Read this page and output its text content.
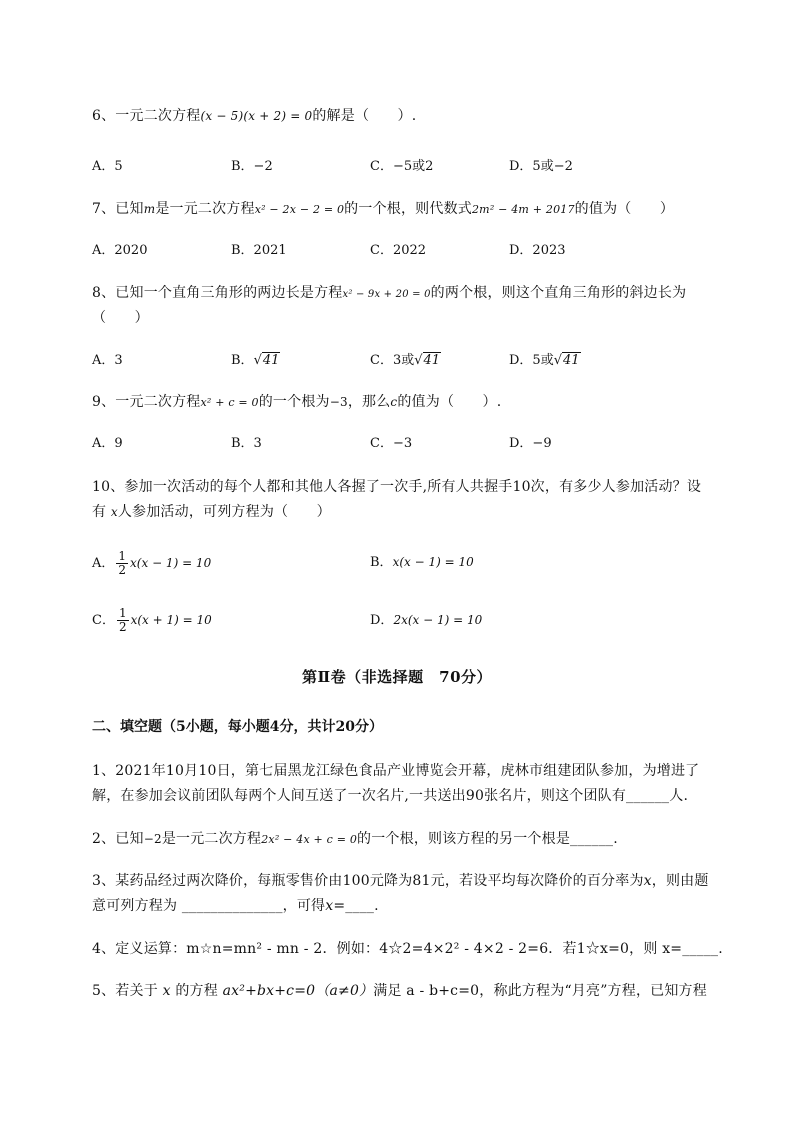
6、一元二次方程(x − 5)(x + 2) = 0的解是（　　）.
A．5	B．−2	C．−5或2	D．5或−2
7、已知m是一元二次方程x² − 2x − 2 = 0的一个根，则代数式2m² − 4m + 2017的值为（　　）
A．2020	B．2021	C．2022	D．2023
8、已知一个直角三角形的两边长是方程x² − 9x + 20 = 0的两个根，则这个直角三角形的斜边长为
（　　）
A．3	B．√41	C．3或√41	D．5或√41
9、一元二次方程x² + c = 0的一个根为−3，那么c的值为（　　）.
A．9	B．3	C．−3	D．−9
10、参加一次活动的每个人都和其他人各握了一次手,所有人共握手10次，有多少人参加活动？设
有 x人参加活动，可列方程为（　　）
A． $\frac{1}{2} x(x - 1) = 10$	B．x(x − 1) = 10
C． $\frac{1}{2} x(x + 1) = 10$	D．2x(x − 1) = 10
第Ⅱ卷（非选择题　70分）
二、填空题（5小题，每小题4分，共计20分）
1、2021年10月10日，第七届黑龙江绿色食品产业博览会开幕，虎林市组建团队参加，为增进了
解，在参加会议前团队每两个人间互送了一次名片,一共送出90张名片，则这个团队有______人.
2、已知−2是一元二次方程2x² − 4x + c = 0的一个根，则该方程的另一个根是______.
3、某药品经过两次降价，每瓶零售价由100元降为81元，若设平均每次降价的百分率为x，则由题
意可列方程为 ______________，可得x=____.
4、定义运算：m☆n=mn² - mn - 2．例如：4☆2=4×2² - 4×2 - 2=6．若1☆x=0，则 x=_____.
5、若关于 x 的方程 ax²+bx+c=0（a≠0）满足 a - b+c=0，称此方程为“月亮”方程，已知方程
